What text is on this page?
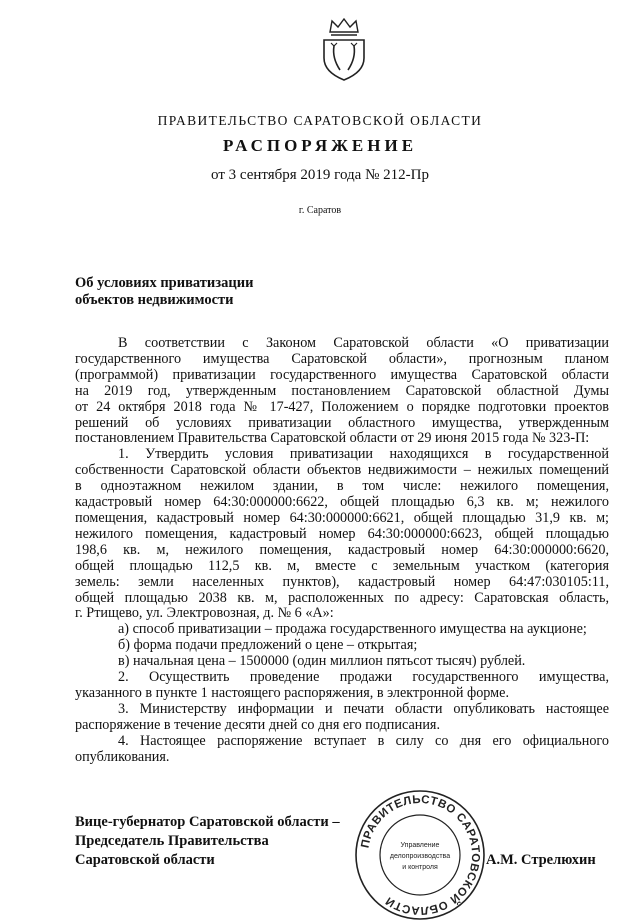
ПРАВИТЕЛЬСТВО САРАТОВСКОЙ ОБЛАСТИ
РАСПОРЯЖЕНИЕ
от 3 сентября 2019 года № 212-Пр
г. Саратов
Об условиях приватизации
объектов недвижимости

В соответствии с Законом Саратовской области «О приватизации

государственного имущества Саратовской области», прогнозным планом

(программой) приватизации государственного имущества Саратовской области

на 2019 год, утвержденным постановлением Саратовской областной Думы

от 24 октября 2018 года № 17-427, Положением о порядке подготовки проектов

решений об условиях приватизации областного имущества, утвержденным

постановлением Правительства Саратовской области от 29 июня 2015 года № 323-П:

1. Утвердить условия приватизации находящихся в государственной

собственности Саратовской области объектов недвижимости – нежилых помещений

в одноэтажном нежилом здании, в том числе: нежилого помещения,

кадастровый номер 64:30:000000:6622, общей площадью 6,3 кв. м; нежилого

помещения, кадастровый номер 64:30:000000:6621, общей площадью 31,9 кв. м;

нежилого помещения, кадастровый номер 64:30:000000:6623, общей площадью

198,6 кв. м, нежилого помещения, кадастровый номер 64:30:000000:6620,

общей площадью 112,5 кв. м, вместе с земельным участком (категория

земель: земли населенных пунктов), кадастровый номер 64:47:030105:11,

общей площадью 2038 кв. м, расположенных по адресу: Саратовская область,

г. Ртищево, ул. Электровозная, д. № 6 «А»:

а) способ приватизации – продажа государственного имущества на аукционе;

б) форма подачи предложений о цене – открытая;

в) начальная цена – 1500000 (один миллион пятьсот тысяч) рублей.

2. Осуществить проведение продажи государственного имущества,

указанного в пункте 1 настоящего распоряжения, в электронной форме.

3. Министерству информации и печати области опубликовать настоящее

распоряжение в течение десяти дней со дня его подписания.

4. Настоящее распоряжение вступает в силу со дня его официального

опубликования.

ПРАВИТЕЛЬСТВО САРАТОВСКОЙ ОБЛАСТИ
Управление
делопроизводства
и контроля
Вице-губернатор Саратовской области –
Председатель Правительства
Саратовской области	А.М. Стрелюхин
